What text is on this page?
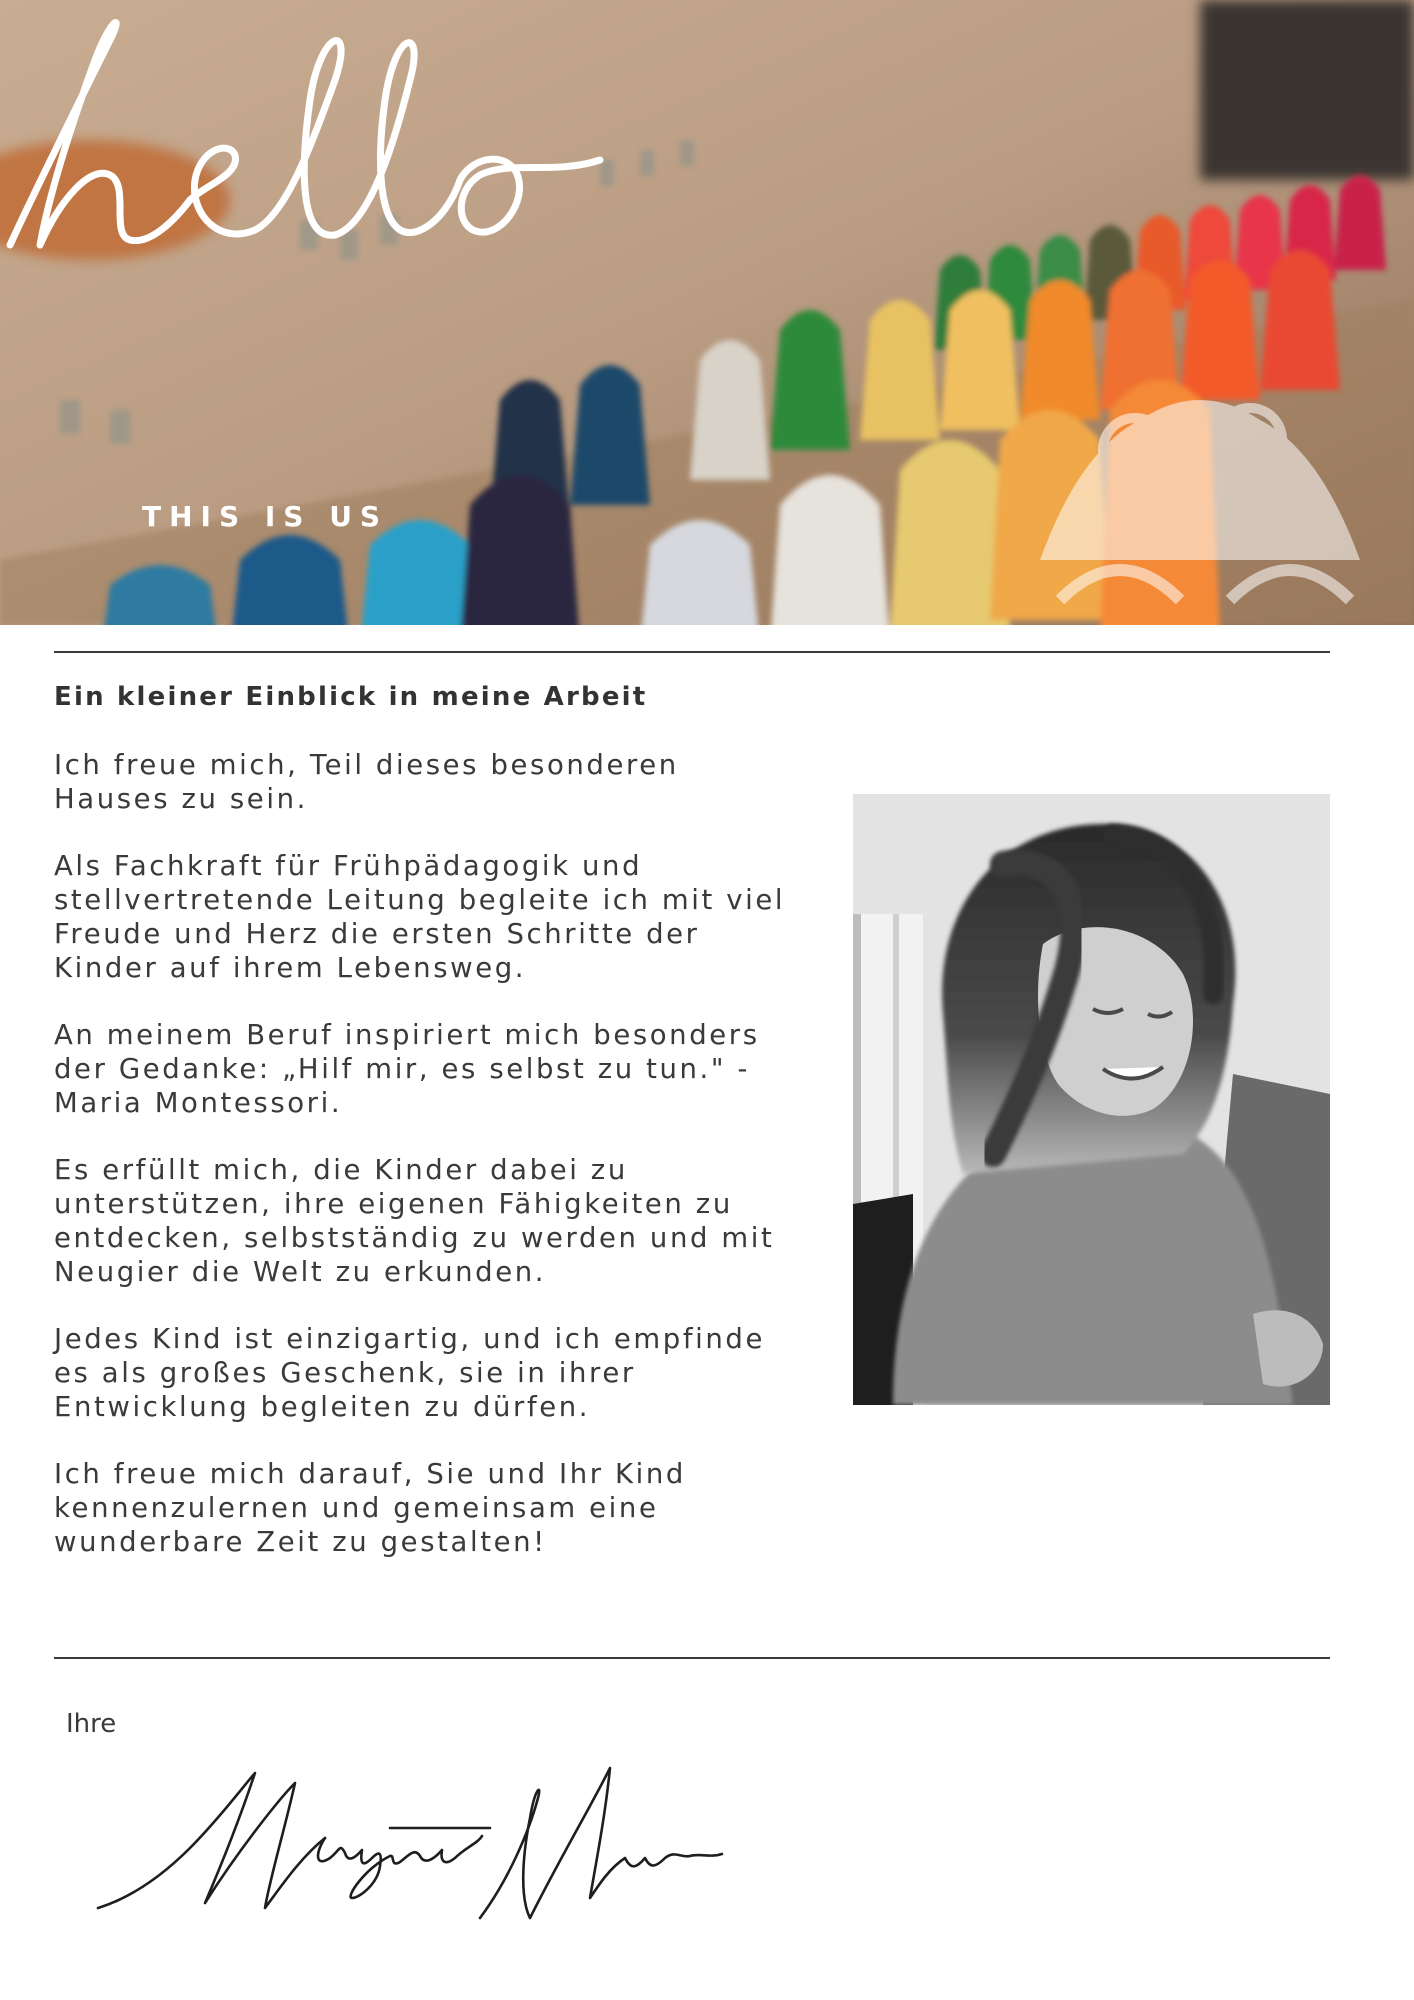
THIS IS US
Ein kleiner Einblick in meine Arbeit

Ich freue mich, Teil dieses besonderen
Hauses zu sein.

Als Fachkraft für Frühpädagogik und
stellvertretende Leitung begleite ich mit viel
Freude und Herz die ersten Schritte der
Kinder auf ihrem Lebensweg.

An meinem Beruf inspiriert mich besonders
der Gedanke: „Hilf mir, es selbst zu tun." -
Maria Montessori.

Es erfüllt mich, die Kinder dabei zu
unterstützen, ihre eigenen Fähigkeiten zu
entdecken, selbstständig zu werden und mit
Neugier die Welt zu erkunden.

Jedes Kind ist einzigartig, und ich empfinde
es als großes Geschenk, sie in ihrer
Entwicklung begleiten zu dürfen.

Ich freue mich darauf, Sie und Ihr Kind
kennenzulernen und gemeinsam eine
wunderbare Zeit zu gestalten!

Ihre
